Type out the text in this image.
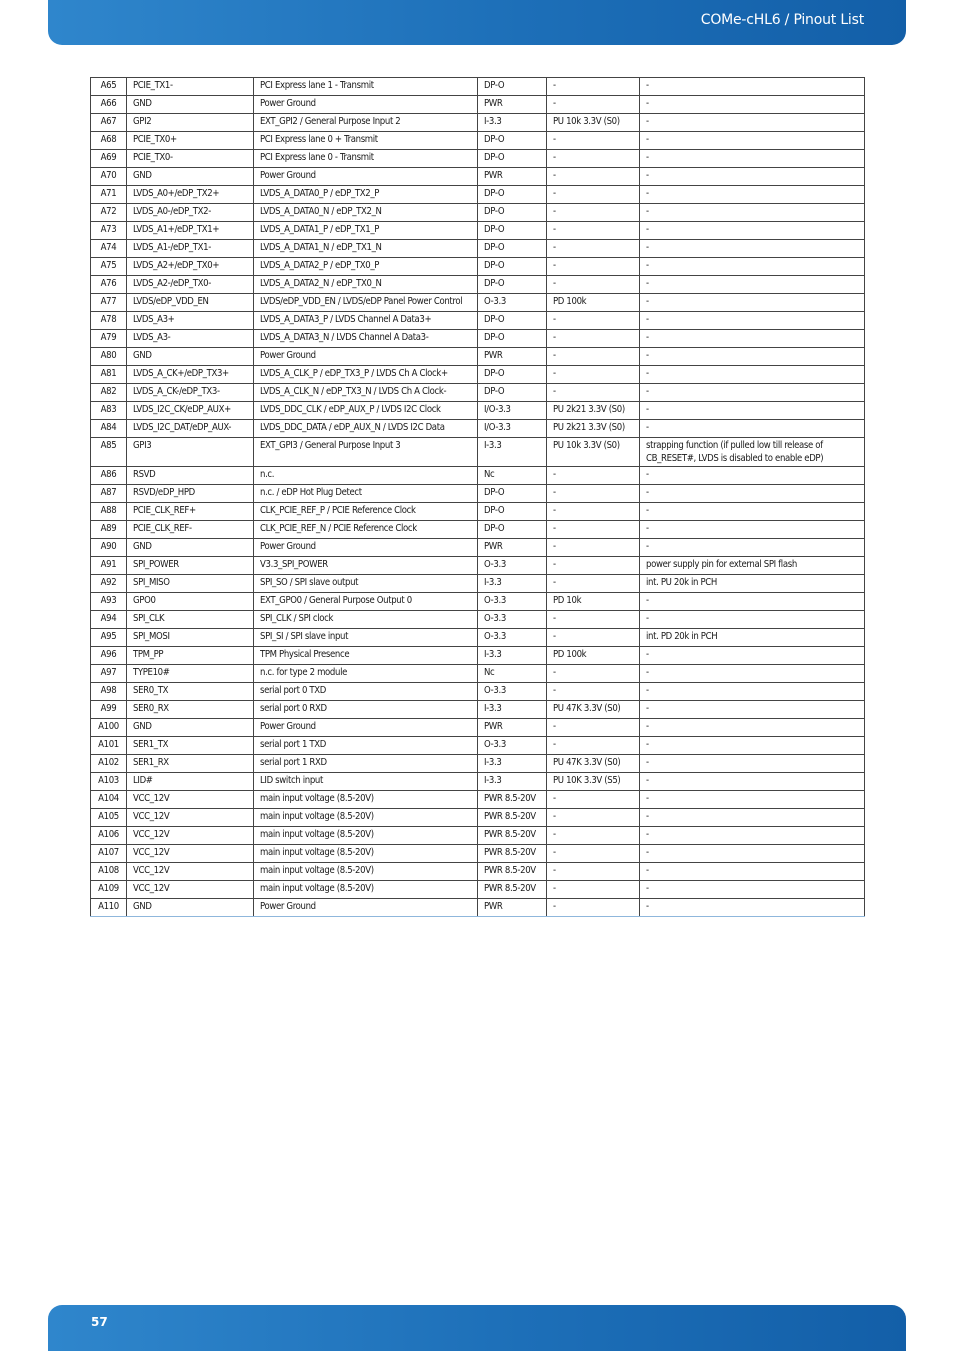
COMe-cHL6 / Pinout List
A65	PCIE_TX1-	PCI Express lane 1 - Transmit	DP-O	-	-
A66	GND	Power Ground	PWR	-	-
A67	GPI2	EXT_GPI2 / General Purpose Input 2	I-3.3	PU 10k 3.3V (S0)	-
A68	PCIE_TX0+	PCI Express lane 0 + Transmit	DP-O	-	-
A69	PCIE_TX0-	PCI Express lane 0 - Transmit	DP-O	-	-
A70	GND	Power Ground	PWR	-	-
A71	LVDS_A0+/eDP_TX2+	LVDS_A_DATA0_P / eDP_TX2_P	DP-O	-	-
A72	LVDS_A0-/eDP_TX2-	LVDS_A_DATA0_N / eDP_TX2_N	DP-O	-	-
A73	LVDS_A1+/eDP_TX1+	LVDS_A_DATA1_P / eDP_TX1_P	DP-O	-	-
A74	LVDS_A1-/eDP_TX1-	LVDS_A_DATA1_N / eDP_TX1_N	DP-O	-	-
A75	LVDS_A2+/eDP_TX0+	LVDS_A_DATA2_P / eDP_TX0_P	DP-O	-	-
A76	LVDS_A2-/eDP_TX0-	LVDS_A_DATA2_N / eDP_TX0_N	DP-O	-	-
A77	LVDS/eDP_VDD_EN	LVDS/eDP_VDD_EN / LVDS/eDP Panel Power Control	O-3.3	PD 100k	-
A78	LVDS_A3+	LVDS_A_DATA3_P / LVDS Channel A Data3+	DP-O	-	-
A79	LVDS_A3-	LVDS_A_DATA3_N / LVDS Channel A Data3-	DP-O	-	-
A80	GND	Power Ground	PWR	-	-
A81	LVDS_A_CK+/eDP_TX3+	LVDS_A_CLK_P / eDP_TX3_P / LVDS Ch A Clock+	DP-O	-	-
A82	LVDS_A_CK-/eDP_TX3-	LVDS_A_CLK_N / eDP_TX3_N / LVDS Ch A Clock-	DP-O	-	-
A83	LVDS_I2C_CK/eDP_AUX+	LVDS_DDC_CLK / eDP_AUX_P / LVDS I2C Clock	I/O-3.3	PU 2k21 3.3V (S0)	-
A84	LVDS_I2C_DAT/eDP_AUX-	LVDS_DDC_DATA / eDP_AUX_N / LVDS I2C Data	I/O-3.3	PU 2k21 3.3V (S0)	-
A85	GPI3	EXT_GPI3 / General Purpose Input 3	I-3.3	PU 10k 3.3V (S0)	strapping function (if pulled low till release of CB_RESET#, LVDS is disabled to enable eDP)
A86	RSVD	n.c.	Nc	-	-
A87	RSVD/eDP_HPD	n.c. / eDP Hot Plug Detect	DP-O	-	-
A88	PCIE_CLK_REF+	CLK_PCIE_REF_P / PCIE Reference Clock	DP-O	-	-
A89	PCIE_CLK_REF-	CLK_PCIE_REF_N / PCIE Reference Clock	DP-O	-	-
A90	GND	Power Ground	PWR	-	-
A91	SPI_POWER	V3.3_SPI_POWER	O-3.3	-	power supply pin for external SPI flash
A92	SPI_MISO	SPI_SO / SPI slave output	I-3.3	-	int. PU 20k in PCH
A93	GPO0	EXT_GPO0 / General Purpose Output 0	O-3.3	PD 10k	-
A94	SPI_CLK	SPI_CLK / SPI clock	O-3.3	-	-
A95	SPI_MOSI	SPI_SI / SPI slave input	O-3.3	-	int. PD 20k in PCH
A96	TPM_PP	TPM Physical Presence	I-3.3	PD 100k	-
A97	TYPE10#	n.c. for type 2 module	Nc	-	-
A98	SER0_TX	serial port 0 TXD	O-3.3	-	-
A99	SER0_RX	serial port 0 RXD	I-3.3	PU 47K 3.3V (S0)	-
A100	GND	Power Ground	PWR	-	-
A101	SER1_TX	serial port 1 TXD	O-3.3	-	-
A102	SER1_RX	serial port 1 RXD	I-3.3	PU 47K 3.3V (S0)	-
A103	LID#	LID switch input	I-3.3	PU 10K 3.3V (S5)	-
A104	VCC_12V	main input voltage (8.5-20V)	PWR 8.5-20V	-	-
A105	VCC_12V	main input voltage (8.5-20V)	PWR 8.5-20V	-	-
A106	VCC_12V	main input voltage (8.5-20V)	PWR 8.5-20V	-	-
A107	VCC_12V	main input voltage (8.5-20V)	PWR 8.5-20V	-	-
A108	VCC_12V	main input voltage (8.5-20V)	PWR 8.5-20V	-	-
A109	VCC_12V	main input voltage (8.5-20V)	PWR 8.5-20V	-	-
A110	GND	Power Ground	PWR	-	-
57
